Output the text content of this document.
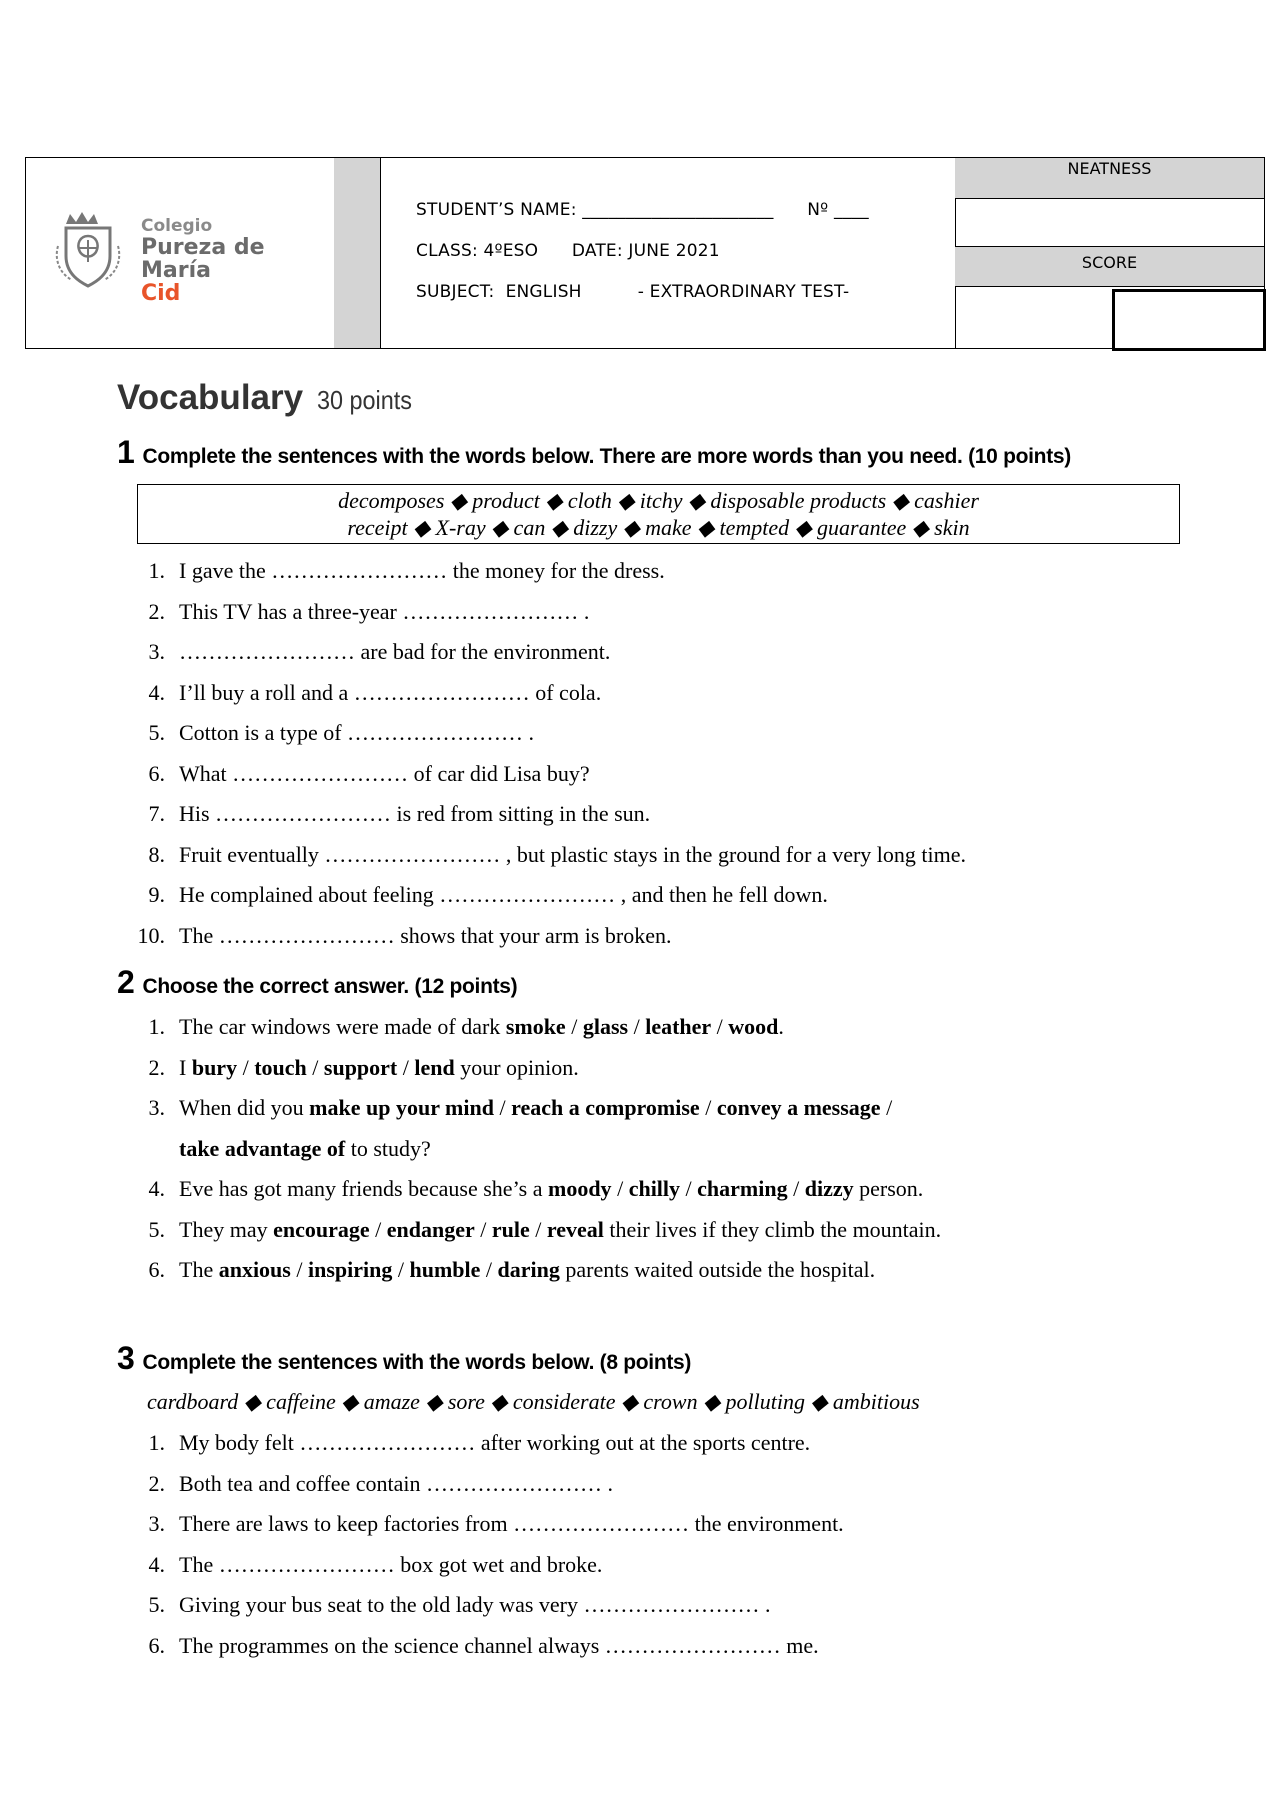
Colegio
Pureza de María
Cid
STUDENT’S NAME: ______________________      Nº ____
CLASS: 4ºESO      DATE: JUNE 2021
SUBJECT:  ENGLISH          - EXTRAORDINARY TEST-
NEATNESS
SCORE
Vocabulary 30 points
1 Complete the sentences with the words below. There are more words than you need. (10 points)
decomposes ◆ product ◆ cloth ◆ itchy ◆ disposable products ◆ cashier
receipt ◆ X-ray ◆ can ◆ dizzy ◆ make ◆ tempted ◆ guarantee ◆ skin
1. I gave the …………………… the money for the dress.
2. This TV has a three-year …………………… .
3. …………………… are bad for the environment.
4. I’ll buy a roll and a …………………… of cola.
5. Cotton is a type of …………………… .
6. What …………………… of car did Lisa buy?
7. His …………………… is red from sitting in the sun.
8. Fruit eventually …………………… , but plastic stays in the ground for a very long time.
9. He complained about feeling …………………… , and then he fell down.
10. The …………………… shows that your arm is broken.
2 Choose the correct answer. (12 points)
1. The car windows were made of dark smoke / glass / leather / wood.
2. I bury / touch / support / lend your opinion.
3. When did you make up your mind / reach a compromise / convey a message /
take advantage of to study?
4. Eve has got many friends because she’s a moody / chilly / charming / dizzy person.
5. They may encourage / endanger / rule / reveal their lives if they climb the mountain.
6. The anxious / inspiring / humble / daring parents waited outside the hospital.
3 Complete the sentences with the words below. (8 points)
cardboard ◆ caffeine ◆ amaze ◆ sore ◆ considerate ◆ crown ◆ polluting ◆ ambitious
1. My body felt …………………… after working out at the sports centre.
2. Both tea and coffee contain …………………… .
3. There are laws to keep factories from …………………… the environment.
4. The …………………… box got wet and broke.
5. Giving your bus seat to the old lady was very …………………… .
6. The programmes on the science channel always …………………… me.
